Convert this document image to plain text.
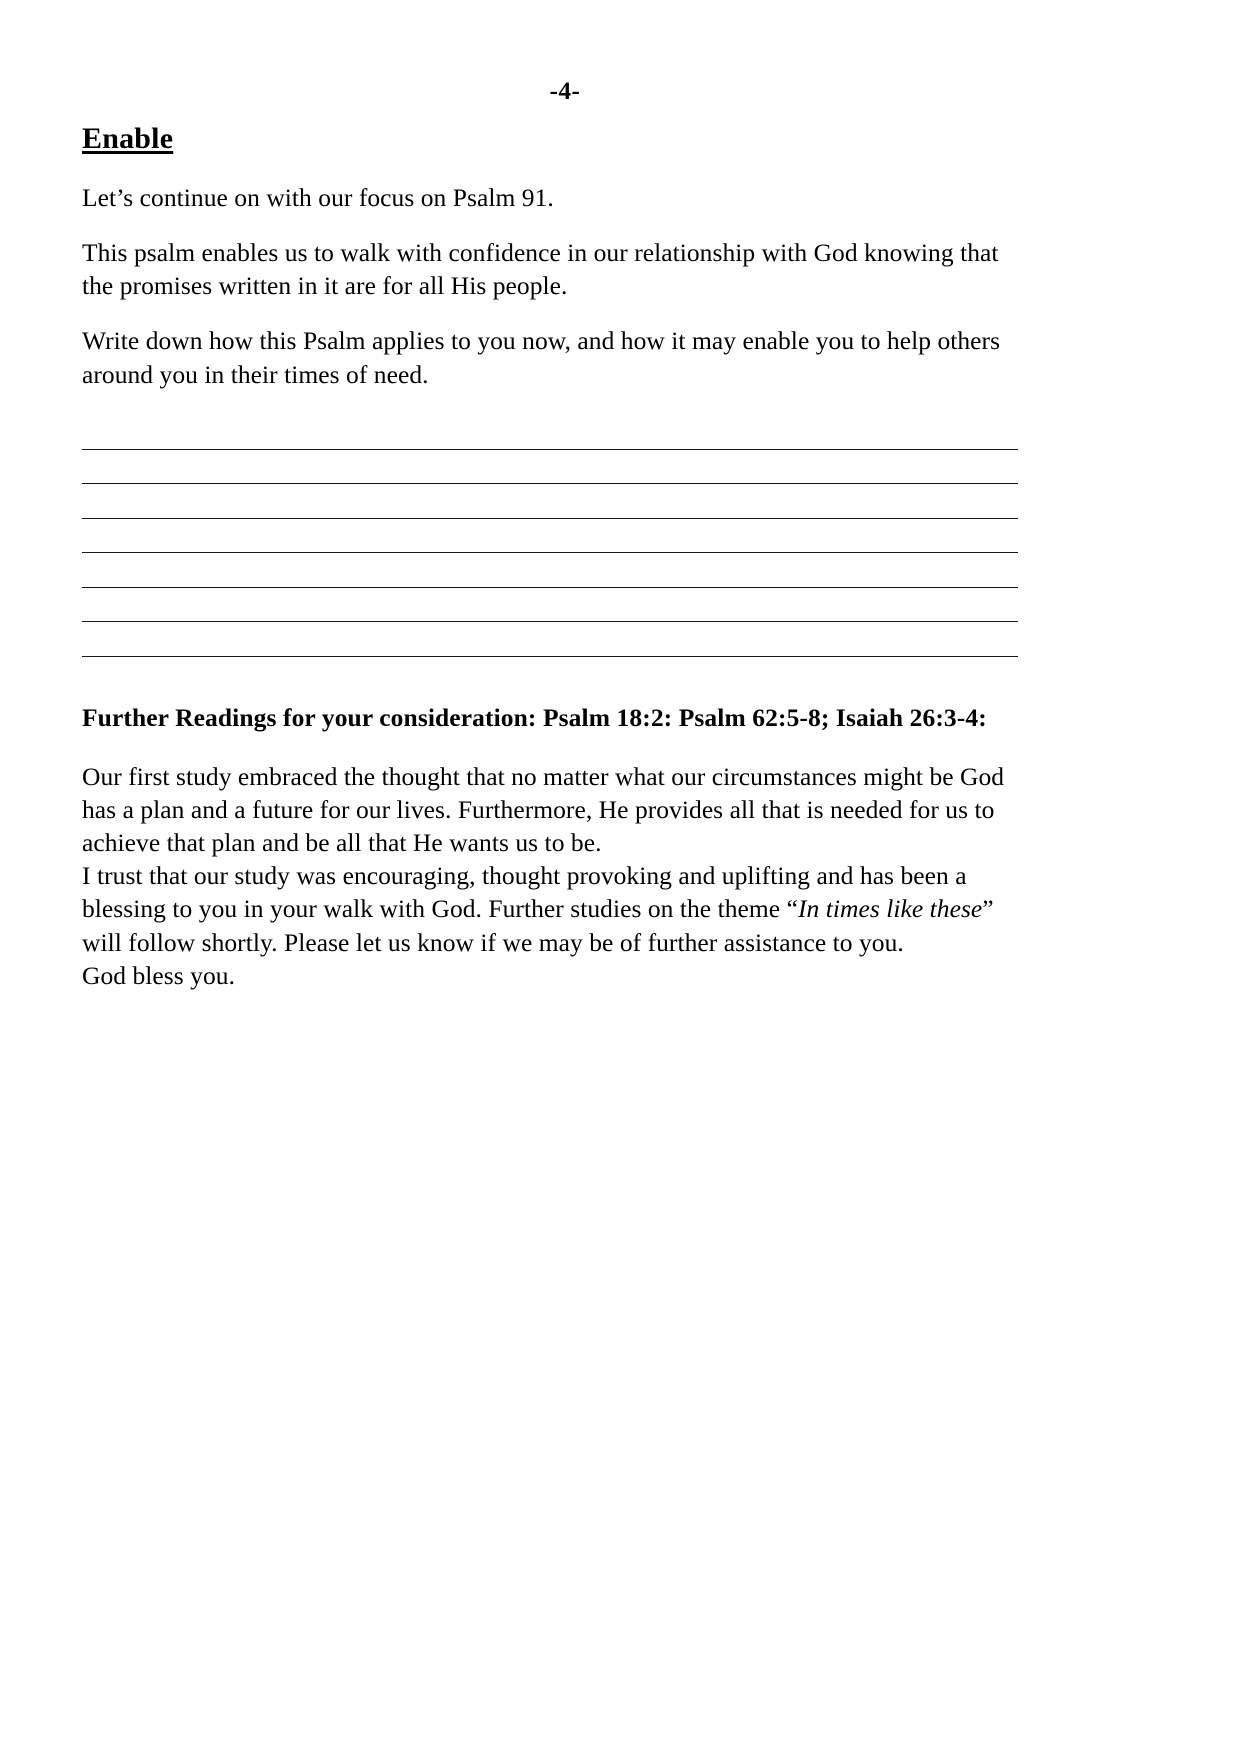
-4-
Enable

Let’s continue on with our focus on Psalm 91.

This psalm enables us to walk with confidence in our relationship with God knowing that the promises written in it are for all His people.

Write down how this Psalm applies to you now, and how it may enable you to help others around you in their times of need.

Further Readings for your consideration: Psalm 18:2: Psalm 62:5-8; Isaiah 26:3-4:

Our first study embraced the thought that no matter what our circumstances might be God has a plan and a future for our lives. Furthermore, He provides all that is needed for us to achieve that plan and be all that He wants us to be.

I trust that our study was encouraging, thought provoking and uplifting and has been a blessing to you in your walk with God. Further studies on the theme “In times like these” will follow shortly. Please let us know if we may be of further assistance to you.

God bless you.
